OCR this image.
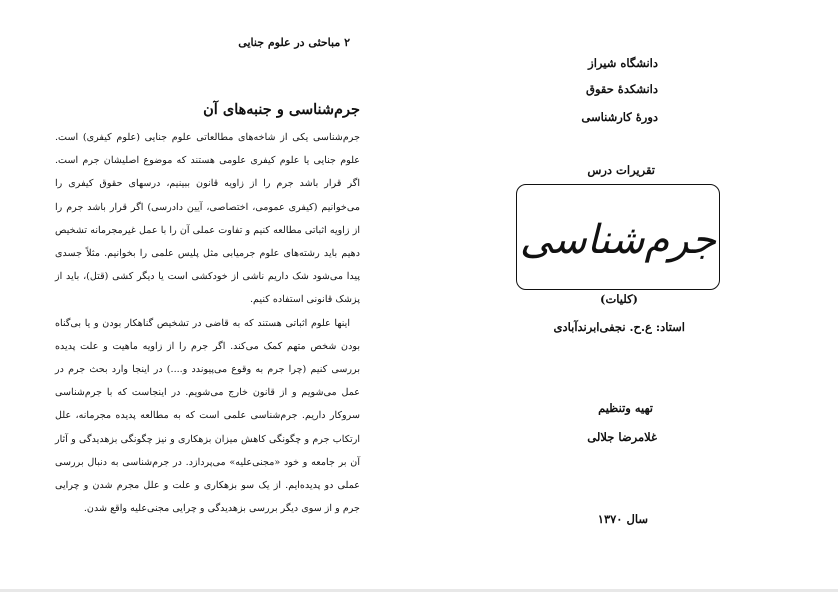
۲ مباحثی در علوم جنایی
جرم‌شناسی و جنبه‌های آن

جرم‌شناسی یکی از شاخه‌های مطالعاتی علوم جنایی (علوم کیفری) است. علوم جنایی یا علوم کیفری علومی هستند که موضوع اصلیشان جرم است. اگر قرار باشد جرم را از زاویه قانون ببینیم، درسهای حقوق کیفری را می‌خوانیم (کیفری عمومی، اختصاصی، آیین دادرسی) اگر قرار باشد جرم را از زاویه اثباتی مطالعه کنیم و تفاوت عملی آن را با عمل غیرمجرمانه تشخیص دهیم باید رشته‌های علوم جرمیابی مثل پلیس علمی را بخوانیم. مثلاً جسدی پیدا می‌شود شک داریم ناشی از خودکشی است یا دیگر کشی (قتل)، باید از پزشک قانونی استفاده کنیم.

اینها علوم اثباتی هستند که به قاضی در تشخیص گناهکار بودن و یا بی‌گناه بودن شخص متهم کمک می‌کند. اگر جرم را از زاویه ماهیت و علت پدیده بررسی کنیم (چرا جرم به وقوع می‌پیوندد و....) در اینجا وارد بحث جرم در عمل می‌شویم و از قانون خارج می‌شویم. در اینجاست که با جرم‌شناسی سروکار داریم. جرم‌شناسی علمی است که به مطالعه پدیده مجرمانه، علل ارتکاب جرم و چگونگی کاهش میزان بزهکاری و نیز چگونگی بزهدیدگی و آثار آن بر جامعه و خود «مجنی‌علیه» می‌پردازد. در جرم‌شناسی به دنبال بررسی عملی دو پدیده‌ایم. از یک سو بزهکاری و علت و علل مجرم شدن و چرایی جرم و از سوی دیگر بررسی بزهدیدگی و چرایی مجنی‌علیه واقع شدن.

دانشگاه شیراز
دانشکدهٔ حقوق
دورهٔ کارشناسی
تقریرات درس
جرم‌شناسی
(کلیات)
استاد: ع.ح. نجفی‌ابرندآبادی
تهیه وتنظیم
غلامرضا جلالی
سال ۱۳۷۰
